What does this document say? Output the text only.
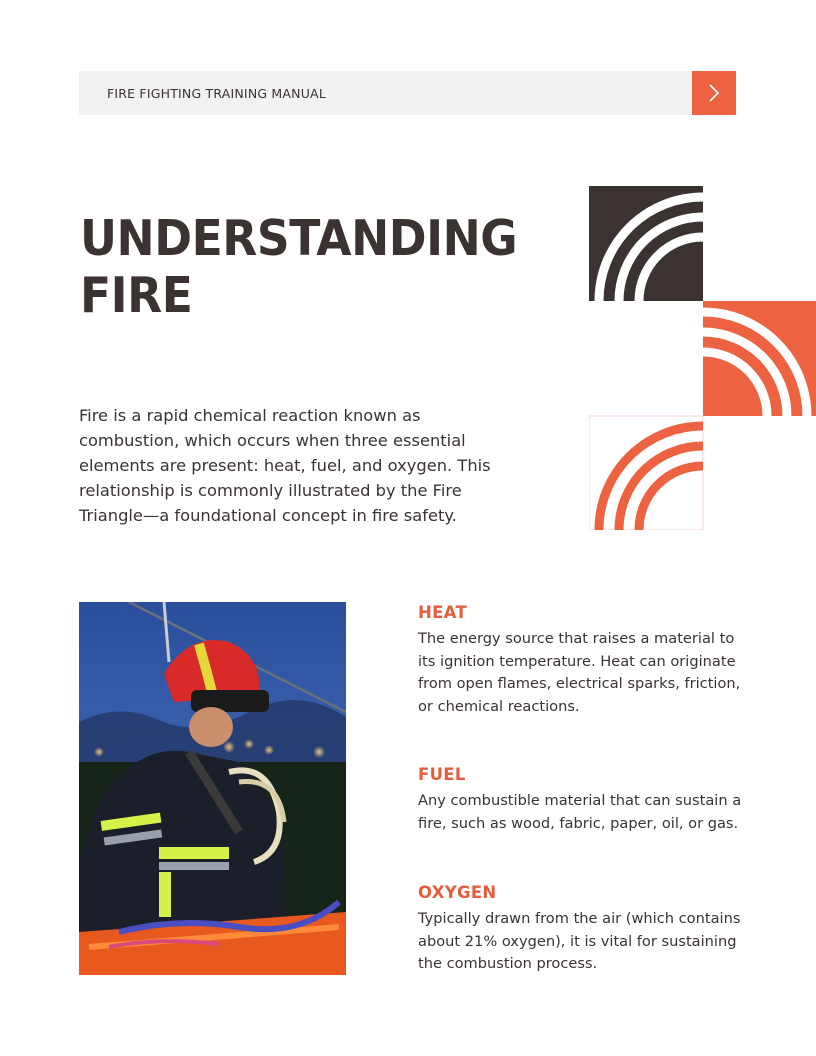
FIRE FIGHTING TRAINING MANUAL
UNDERSTANDING FIRE

Fire is a rapid chemical reaction known as combustion, which occurs when three essential elements are present: heat, fuel, and oxygen. This relationship is commonly illustrated by the Fire Triangle—a foundational concept in fire safety.

HEAT

The energy source that raises a material to its ignition temperature. Heat can originate from open flames, electrical sparks, friction, or chemical reactions.

FUEL

Any combustible material that can sustain a fire, such as wood, fabric, paper, oil, or gas.

OXYGEN

Typically drawn from the air (which contains about 21% oxygen), it is vital for sustaining the combustion process.
